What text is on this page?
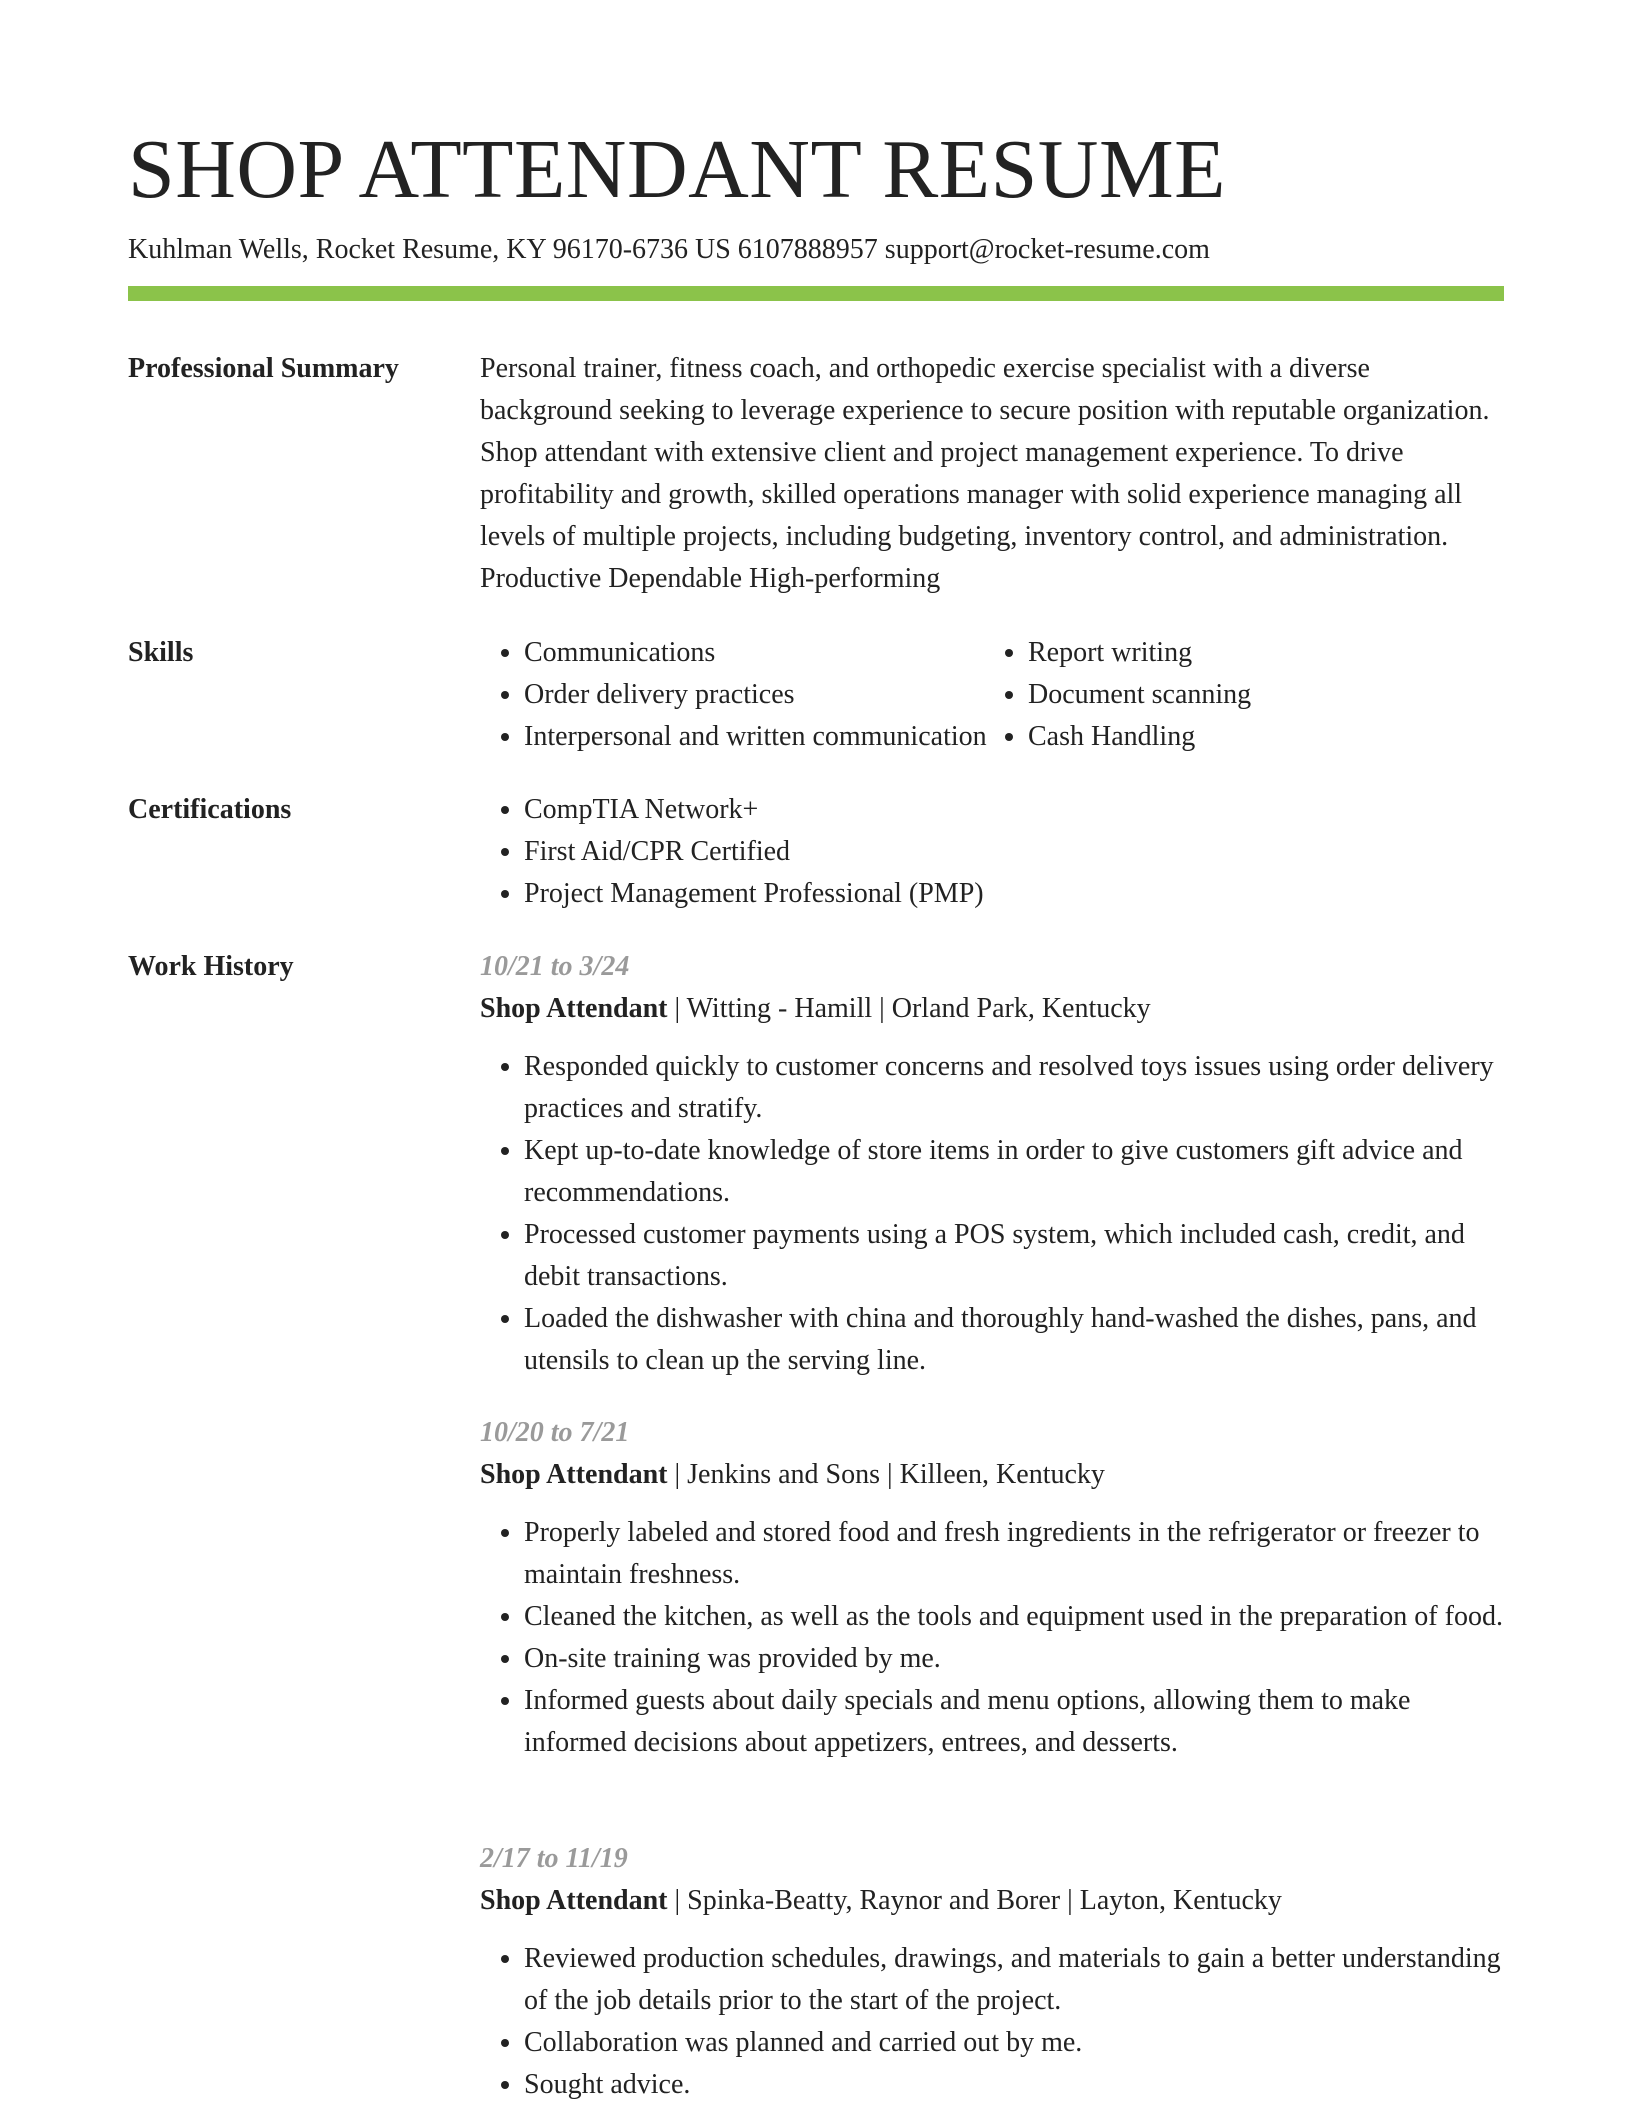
SHOP ATTENDANT RESUME
Kuhlman Wells, Rocket Resume, KY 96170-6736 US 6107888957 support@rocket-resume.com
Professional Summary	Personal trainer, fitness coach, and orthopedic exercise specialist with a diverse background seeking to leverage experience to secure position with reputable organization. Shop attendant with extensive client and project management experience. To drive profitability and growth, skilled operations manager with solid experience managing all levels of multiple projects, including budgeting, inventory control, and administration. Productive Dependable High-performing

Skills	• Communications
• Order delivery practices
• Interpersonal and written communication
• Report writing
• Document scanning
• Cash Handling
Certifications	• CompTIA Network+
• First Aid/CPR Certified
• Project Management Professional (PMP)
Work History	10/21 to 3/24
Shop Attendant | Witting - Hamill | Orland Park, Kentucky
• Responded quickly to customer concerns and resolved toys issues using order delivery practices and stratify.
• Kept up-to-date knowledge of store items in order to give customers gift advice and recommendations.
• Processed customer payments using a POS system, which included cash, credit, and debit transactions.
• Loaded the dishwasher with china and thoroughly hand-washed the dishes, pans, and utensils to clean up the serving line.
10/20 to 7/21
Shop Attendant | Jenkins and Sons | Killeen, Kentucky
• Properly labeled and stored food and fresh ingredients in the refrigerator or freezer to maintain freshness.
• Cleaned the kitchen, as well as the tools and equipment used in the preparation of food.
• On-site training was provided by me.
• Informed guests about daily specials and menu options, allowing them to make informed decisions about appetizers, entrees, and desserts.
2/17 to 11/19
Shop Attendant | Spinka-Beatty, Raynor and Borer | Layton, Kentucky
• Reviewed production schedules, drawings, and materials to gain a better understanding of the job details prior to the start of the project.
• Collaboration was planned and carried out by me.
• Sought advice.
